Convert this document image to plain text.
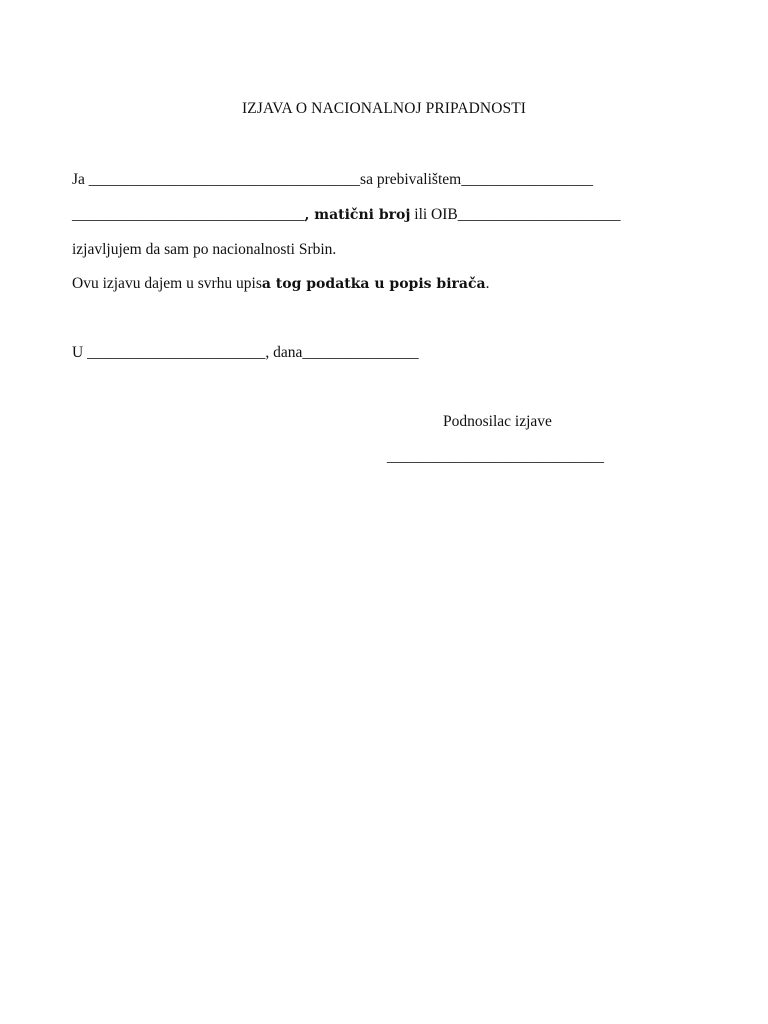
IZJAVA O NACIONALNOJ PRIPADNOSTI
Ja ___________________________________sa prebivalištem_________________
______________________________, matični broj ili OIB_____________________
izjavljujem da sam po nacionalnosti Srbin.
Ovu izjavu dajem u svrhu upisa tog podatka u popis birača.
U _______________________, dana_______________
Podnosilac izjave
____________________________
